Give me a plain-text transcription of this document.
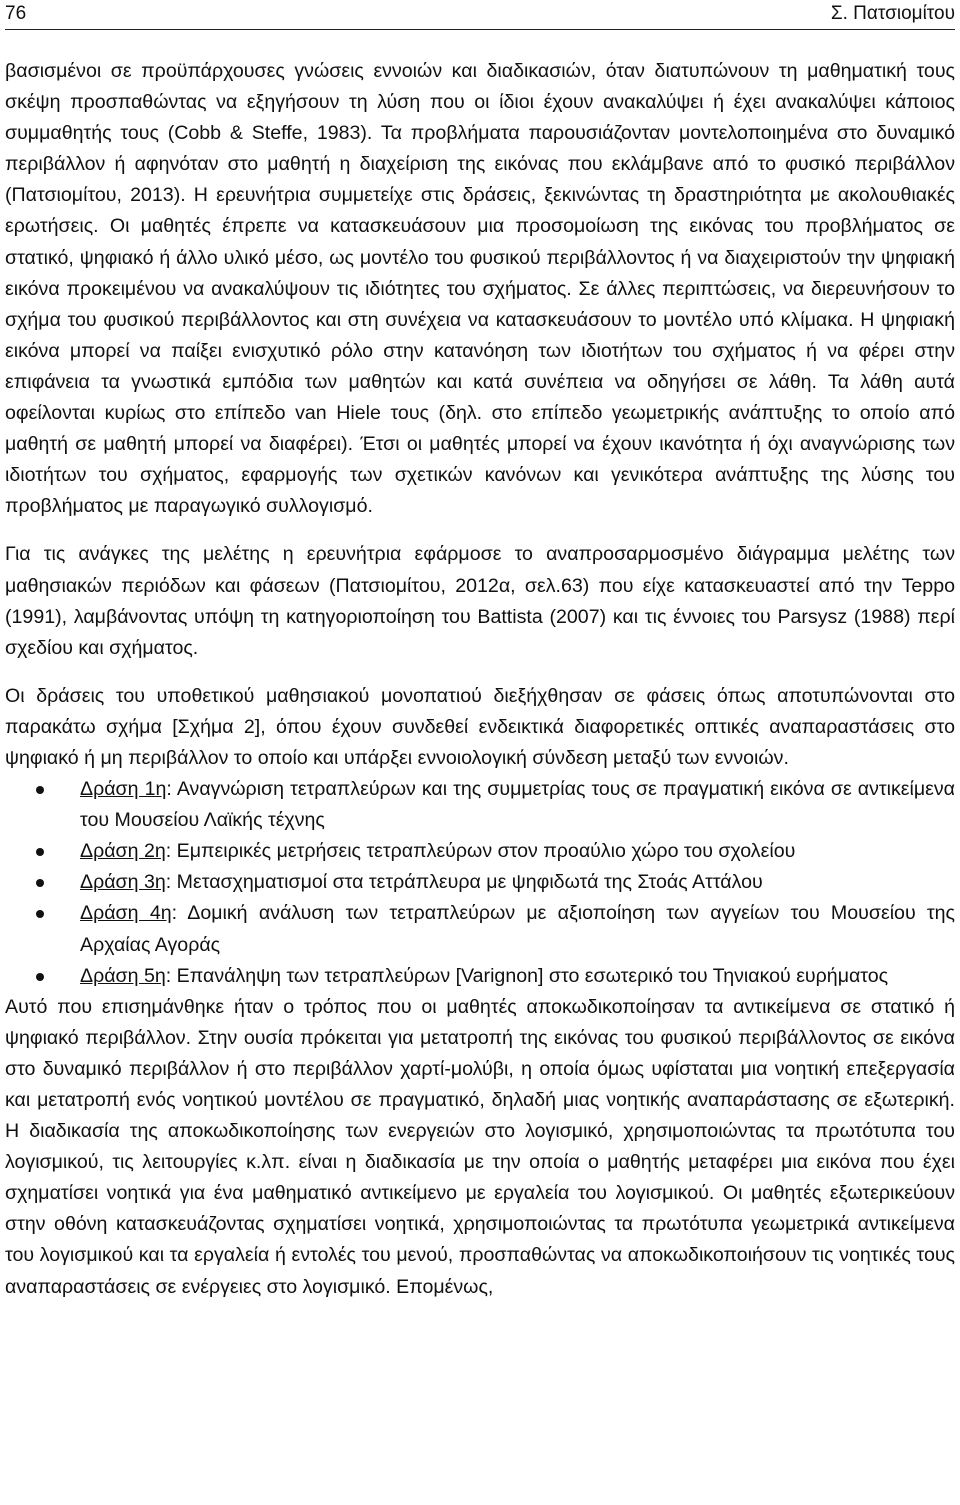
76	Σ. Πατσιομίτου

βασισμένοι σε προϋπάρχουσες γνώσεις εννοιών και διαδικασιών, όταν διατυπώνουν τη μαθηματική τους σκέψη προσπαθώντας να εξηγήσουν τη λύση που οι ίδιοι έχουν ανακαλύψει ή έχει ανακαλύψει κάποιος συμμαθητής τους (Cobb & Steffe, 1983). Τα προβλήματα παρουσιάζονταν μοντελοποιημένα στο δυναμικό περιβάλλον ή αφηνόταν στο μαθητή η διαχείριση της εικόνας που εκλάμβανε από το φυσικό περιβάλλον (Πατσιομίτου, 2013). Η ερευνήτρια συμμετείχε στις δράσεις, ξεκινώντας τη δραστηριότητα με ακολουθιακές ερωτήσεις. Οι μαθητές έπρεπε να κατασκευάσουν μια προσομοίωση της εικόνας του προβλήματος σε στατικό, ψηφιακό ή άλλο υλικό μέσο, ως μοντέλο του φυσικού περιβάλλοντος ή να διαχειριστούν την ψηφιακή εικόνα προκειμένου να ανακαλύψουν τις ιδιότητες του σχήματος. Σε άλλες περιπτώσεις, να διερευνήσουν το σχήμα του φυσικού περιβάλλοντος και στη συνέχεια να κατασκευάσουν το μοντέλο υπό κλίμακα. Η ψηφιακή εικόνα μπορεί να παίξει ενισχυτικό ρόλο στην κατανόηση των ιδιοτήτων του σχήματος ή να φέρει στην επιφάνεια τα γνωστικά εμπόδια των μαθητών και κατά συνέπεια να οδηγήσει σε λάθη. Τα λάθη αυτά οφείλονται κυρίως στο επίπεδο van Hiele τους (δηλ. στο επίπεδο γεωμετρικής ανάπτυξης το οποίο από μαθητή σε μαθητή μπορεί να διαφέρει). Έτσι οι μαθητές μπορεί να έχουν ικανότητα ή όχι αναγνώρισης των ιδιοτήτων του σχήματος, εφαρμογής των σχετικών κανόνων και γενικότερα ανάπτυξης της λύσης του προβλήματος με παραγωγικό συλλογισμό.

Για τις ανάγκες της μελέτης η ερευνήτρια εφάρμοσε το αναπροσαρμοσμένο διάγραμμα μελέτης των μαθησιακών περιόδων και φάσεων (Πατσιομίτου, 2012α, σελ.63) που είχε κατασκευαστεί από την Teppo (1991), λαμβάνοντας υπόψη τη κατηγοριοποίηση του Battista (2007) και τις έννοιες του Parsysz (1988) περί σχεδίου και σχήματος.

Οι δράσεις του υποθετικού μαθησιακού μονοπατιού διεξήχθησαν σε φάσεις όπως αποτυπώνονται στο παρακάτω σχήμα [Σχήμα 2], όπου έχουν συνδεθεί ενδεικτικά διαφορετικές οπτικές αναπαραστάσεις στο ψηφιακό ή μη περιβάλλον το οποίο και υπάρξει εννοιολογική σύνδεση μεταξύ των εννοιών.

Δράση 1η: Αναγνώριση τετραπλεύρων και της συμμετρίας τους σε πραγματική εικόνα σε αντικείμενα του Μουσείου Λαϊκής τέχνης
Δράση 2η: Εμπειρικές μετρήσεις τετραπλεύρων στον προαύλιο χώρο του σχολείου
Δράση 3η: Μετασχηματισμοί στα τετράπλευρα με ψηφιδωτά της Στοάς Αττάλου
Δράση 4η: Δομική ανάλυση των τετραπλεύρων με αξιοποίηση των αγγείων του Μουσείου της Αρχαίας Αγοράς
Δράση 5η: Επανάληψη των τετραπλεύρων [Varignon] στο εσωτερικό του Τηνιακού ευρήματος

Αυτό που επισημάνθηκε ήταν ο τρόπος που οι μαθητές αποκωδικοποίησαν τα αντικείμενα σε στατικό ή ψηφιακό περιβάλλον. Στην ουσία πρόκειται για μετατροπή της εικόνας του φυσικού περιβάλλοντος σε εικόνα στο δυναμικό περιβάλλον ή στο περιβάλλον χαρτί-μολύβι, η οποία όμως υφίσταται μια νοητική επεξεργασία και μετατροπή ενός νοητικού μοντέλου σε πραγματικό, δηλαδή μιας νοητικής αναπαράστασης σε εξωτερική. Η διαδικασία της αποκωδικοποίησης των ενεργειών στο λογισμικό, χρησιμοποιώντας τα πρωτότυπα του λογισμικού, τις λειτουργίες κ.λπ. είναι η διαδικασία με την οποία ο μαθητής μεταφέρει μια εικόνα που έχει σχηματίσει νοητικά για ένα μαθηματικό αντικείμενο με εργαλεία του λογισμικού. Οι μαθητές εξωτερικεύουν στην οθόνη κατασκευάζοντας σχηματίσει νοητικά, χρησιμοποιώντας τα πρωτότυπα γεωμετρικά αντικείμενα του λογισμικού και τα εργαλεία ή εντολές του μενού, προσπαθώντας να αποκωδικοποιήσουν τις νοητικές τους αναπαραστάσεις σε ενέργειες στο λογισμικό. Επομένως,
